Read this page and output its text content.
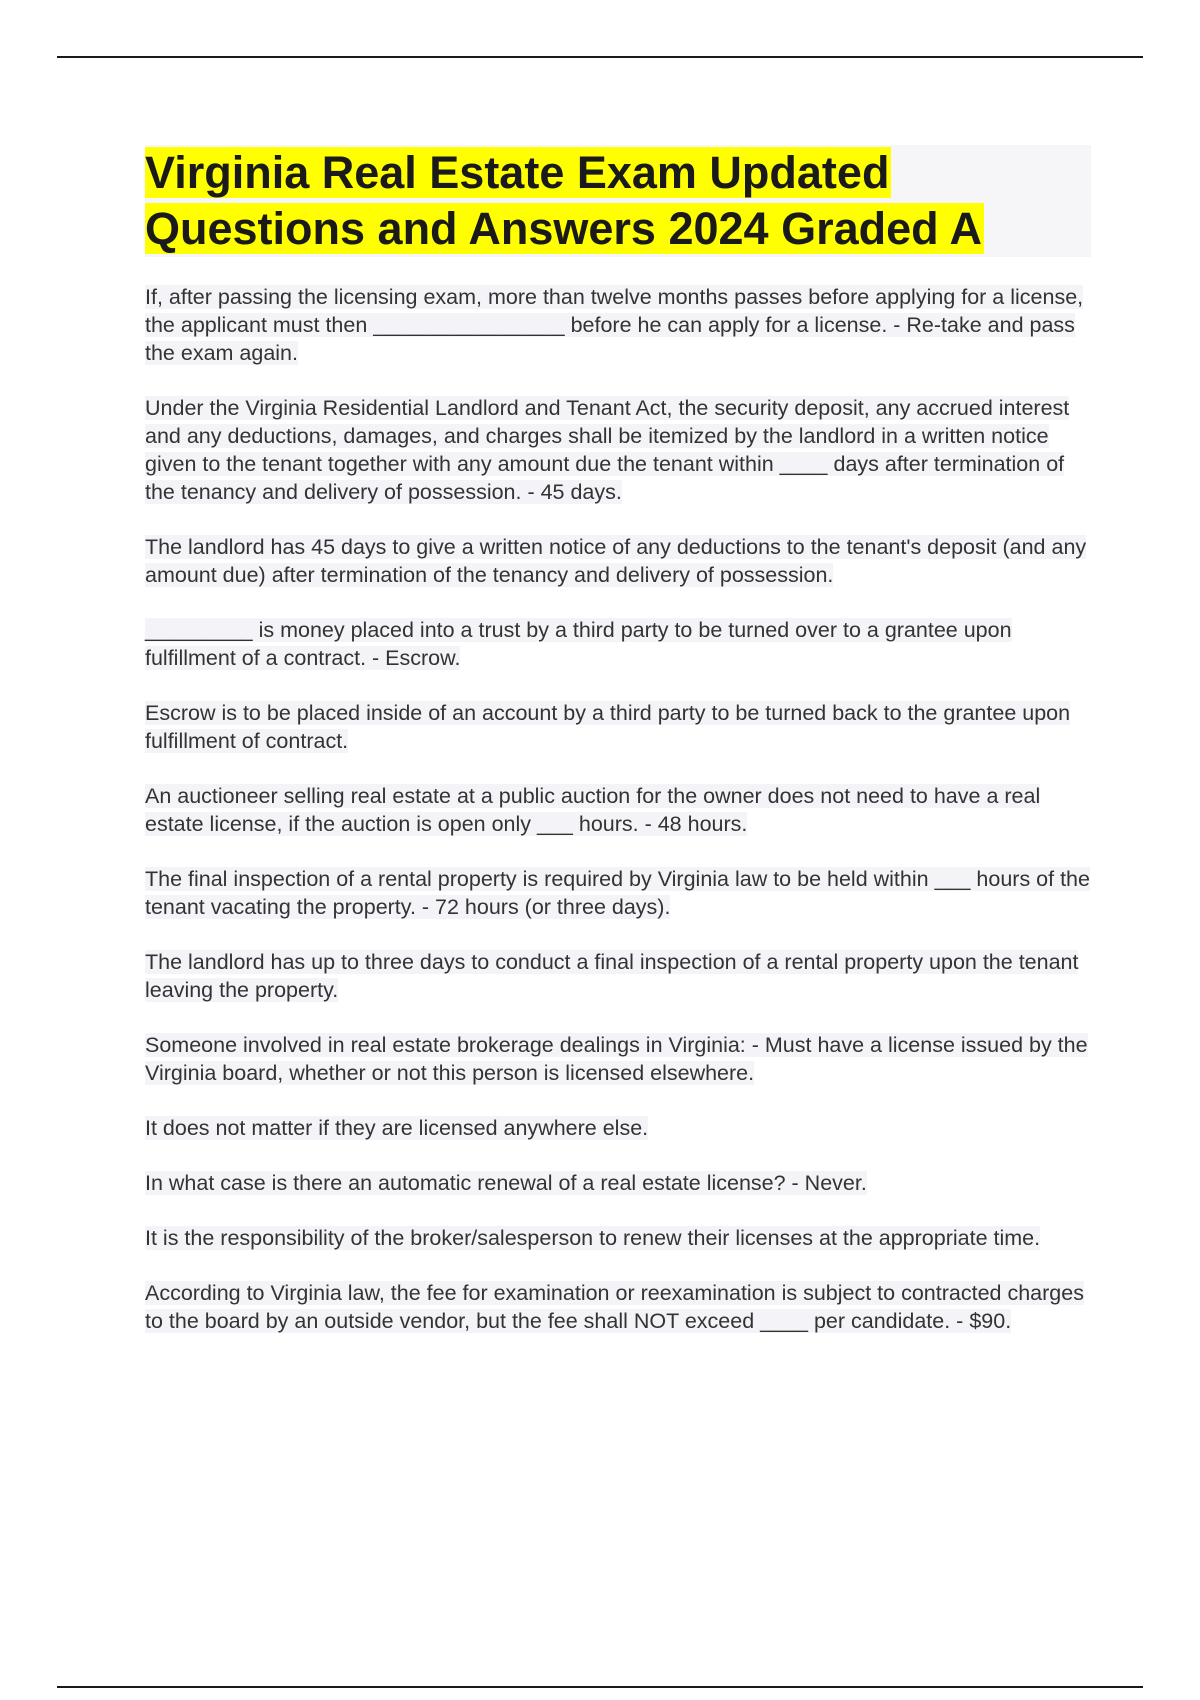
Virginia Real Estate Exam Updated Questions and Answers 2024 Graded A

If, after passing the licensing exam, more than twelve months passes before applying for a license, the applicant must then ________________ before he can apply for a license. - Re-take and pass the exam again.

Under the Virginia Residential Landlord and Tenant Act, the security deposit, any accrued interest and any deductions, damages, and charges shall be itemized by the landlord in a written notice given to the tenant together with any amount due the tenant within ____ days after termination of the tenancy and delivery of possession. - 45 days.

The landlord has 45 days to give a written notice of any deductions to the tenant's deposit (and any amount due) after termination of the tenancy and delivery of possession.

_________ is money placed into a trust by a third party to be turned over to a grantee upon fulfillment of a contract. - Escrow.

Escrow is to be placed inside of an account by a third party to be turned back to the grantee upon fulfillment of contract.

An auctioneer selling real estate at a public auction for the owner does not need to have a real estate license, if the auction is open only ___ hours. - 48 hours.

The final inspection of a rental property is required by Virginia law to be held within ___ hours of the tenant vacating the property. - 72 hours (or three days).

The landlord has up to three days to conduct a final inspection of a rental property upon the tenant leaving the property.

Someone involved in real estate brokerage dealings in Virginia: - Must have a license issued by the Virginia board, whether or not this person is licensed elsewhere.

It does not matter if they are licensed anywhere else.

In what case is there an automatic renewal of a real estate license? - Never.

It is the responsibility of the broker/salesperson to renew their licenses at the appropriate time.

According to Virginia law, the fee for examination or reexamination is subject to contracted charges to the board by an outside vendor, but the fee shall NOT exceed ____ per candidate. - $90.
